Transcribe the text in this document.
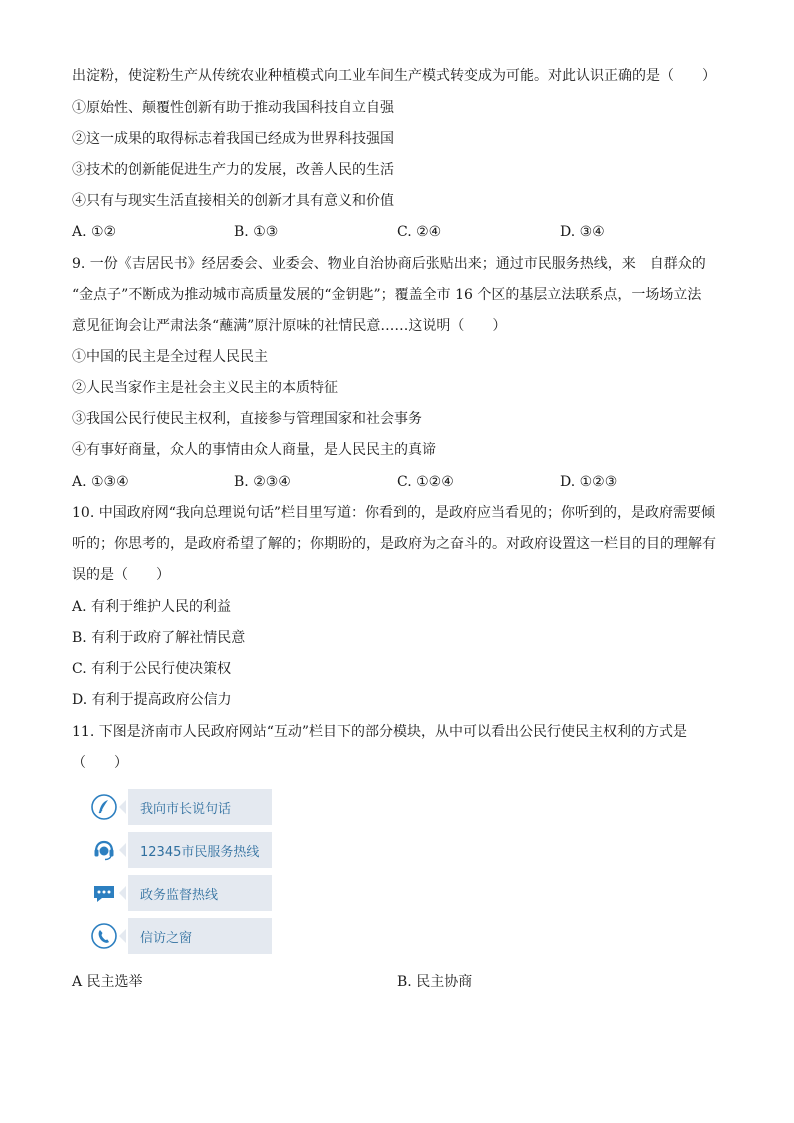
出淀粉，使淀粉生产从传统农业种植模式向工业车间生产模式转变成为可能。对此认识正确的是（　　）
①原始性、颠覆性创新有助于推动我国科技自立自强
②这一成果的取得标志着我国已经成为世界科技强国
③技术的创新能促进生产力的发展，改善人民的生活
④只有与现实生活直接相关的创新才具有意义和价值
A. ①②	B. ①③	C. ②④	D. ③④
9. 一份《吉居民书》经居委会、业委会、物业自治协商后张贴出来；通过市民服务热线，来　自群众的
“金点子”不断成为推动城市高质量发展的“金钥匙”；覆盖全市 16 个区的基层立法联系点，一场场立法
意见征询会让严肃法条“蘸满”原汁原味的社情民意……这说明（　　）
①中国的民主是全过程人民民主
②人民当家作主是社会主义民主的本质特征
③我国公民行使民主权利，直接参与管理国家和社会事务
④有事好商量，众人的事情由众人商量，是人民民主的真谛
A. ①③④	B. ②③④	C. ①②④	D. ①②③
10. 中国政府网“我向总理说句话”栏目里写道：你看到的，是政府应当看见的；你听到的，是政府需要倾
听的；你思考的，是政府希望了解的；你期盼的，是政府为之奋斗的。对政府设置这一栏目的目的理解有
误的是（　　）
A. 有利于维护人民的利益
B. 有利于政府了解社情民意
C. 有利于公民行使决策权
D. 有利于提高政府公信力
11. 下图是济南市人民政府网站“互动”栏目下的部分模块，从中可以看出公民行使民主权利的方式是
（　　）
我向市长说句话
12345市民服务热线
政务监督热线
信访之窗
A 民主选举	B. 民主协商
